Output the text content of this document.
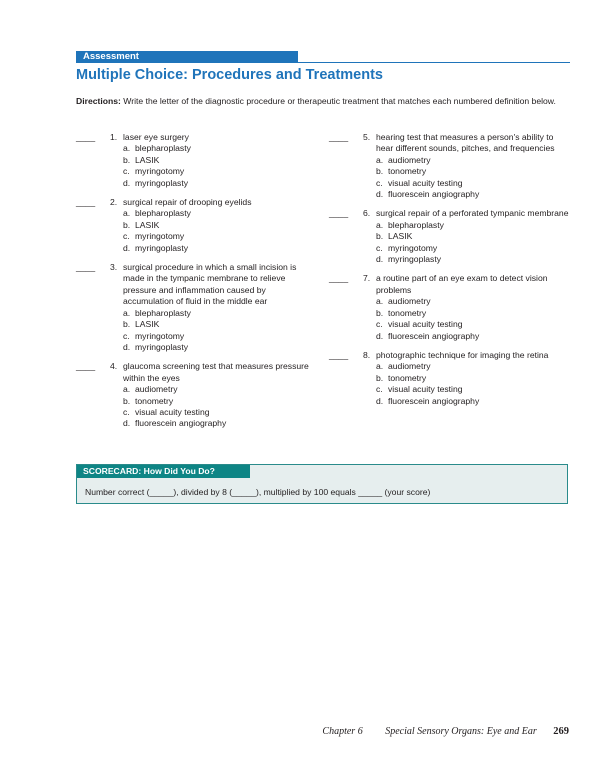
Assessment
Multiple Choice: Procedures and Treatments

Directions: Write the letter of the diagnostic procedure or therapeutic treatment that matches each numbered definition below.

____ 1. laser eye surgery
a. blepharoplasty
b. LASIK
c. myringotomy
d. myringoplasty
____ 2. surgical repair of drooping eyelids
a. blepharoplasty
b. LASIK
c. myringotomy
d. myringoplasty
____ 3. surgical procedure in which a small incision is made in the tympanic membrane to relieve pressure and inflammation caused by accumulation of fluid in the middle ear
a. blepharoplasty
b. LASIK
c. myringotomy
d. myringoplasty
____ 4. glaucoma screening test that measures pressure within the eyes
a. audiometry
b. tonometry
c. visual acuity testing
d. fluorescein angiography
____ 5. hearing test that measures a person's ability to hear different sounds, pitches, and frequencies
a. audiometry
b. tonometry
c. visual acuity testing
d. fluorescein angiography
____ 6. surgical repair of a perforated tympanic membrane
a. blepharoplasty
b. LASIK
c. myringotomy
d. myringoplasty
____ 7. a routine part of an eye exam to detect vision problems
a. audiometry
b. tonometry
c. visual acuity testing
d. fluorescein angiography
____ 8. photographic technique for imaging the retina
a. audiometry
b. tonometry
c. visual acuity testing
d. fluorescein angiography
SCORECARD: How Did You Do?
Number correct (_____), divided by 8 (_____), multiplied by 100 equals _____ (your score)
Chapter 6 Special Sensory Organs: Eye and Ear 269
